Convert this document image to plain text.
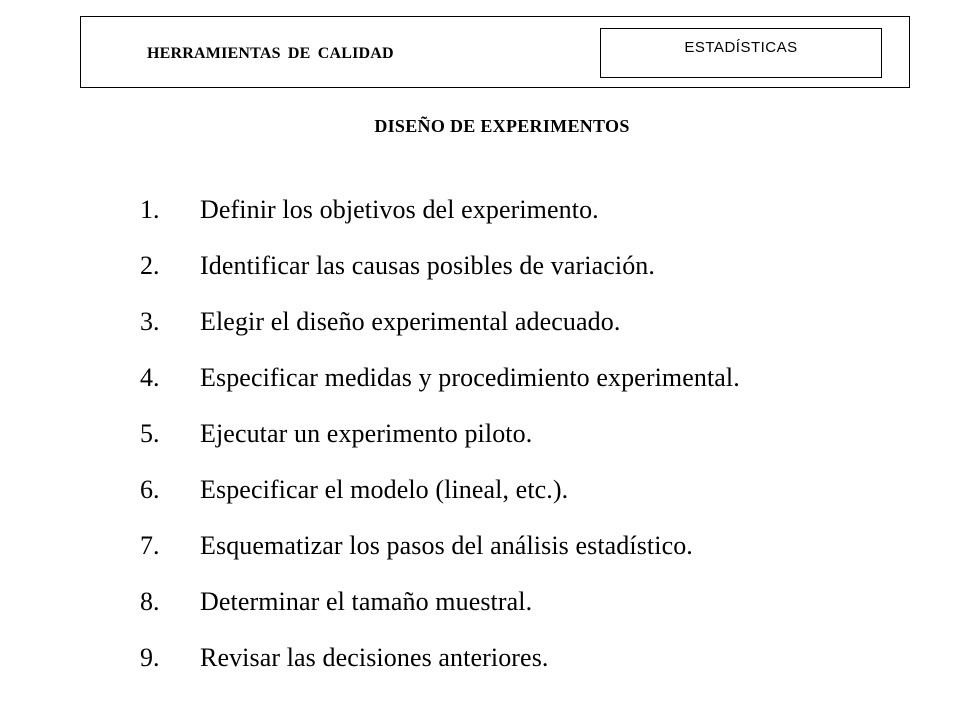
HERRAMIENTAS DE CALIDAD	ESTADÍSTICAS
DISEÑO DE EXPERIMENTOS
1.	Definir los objetivos del experimento.
2.	Identificar las causas posibles de variación.
3.	Elegir el diseño experimental adecuado.
4.	Especificar medidas y procedimiento experimental.
5.	Ejecutar un experimento piloto.
6.	Especificar el modelo (lineal, etc.).
7.	Esquematizar los pasos del análisis estadístico.
8.	Determinar el tamaño muestral.
9.	Revisar las decisiones anteriores.
